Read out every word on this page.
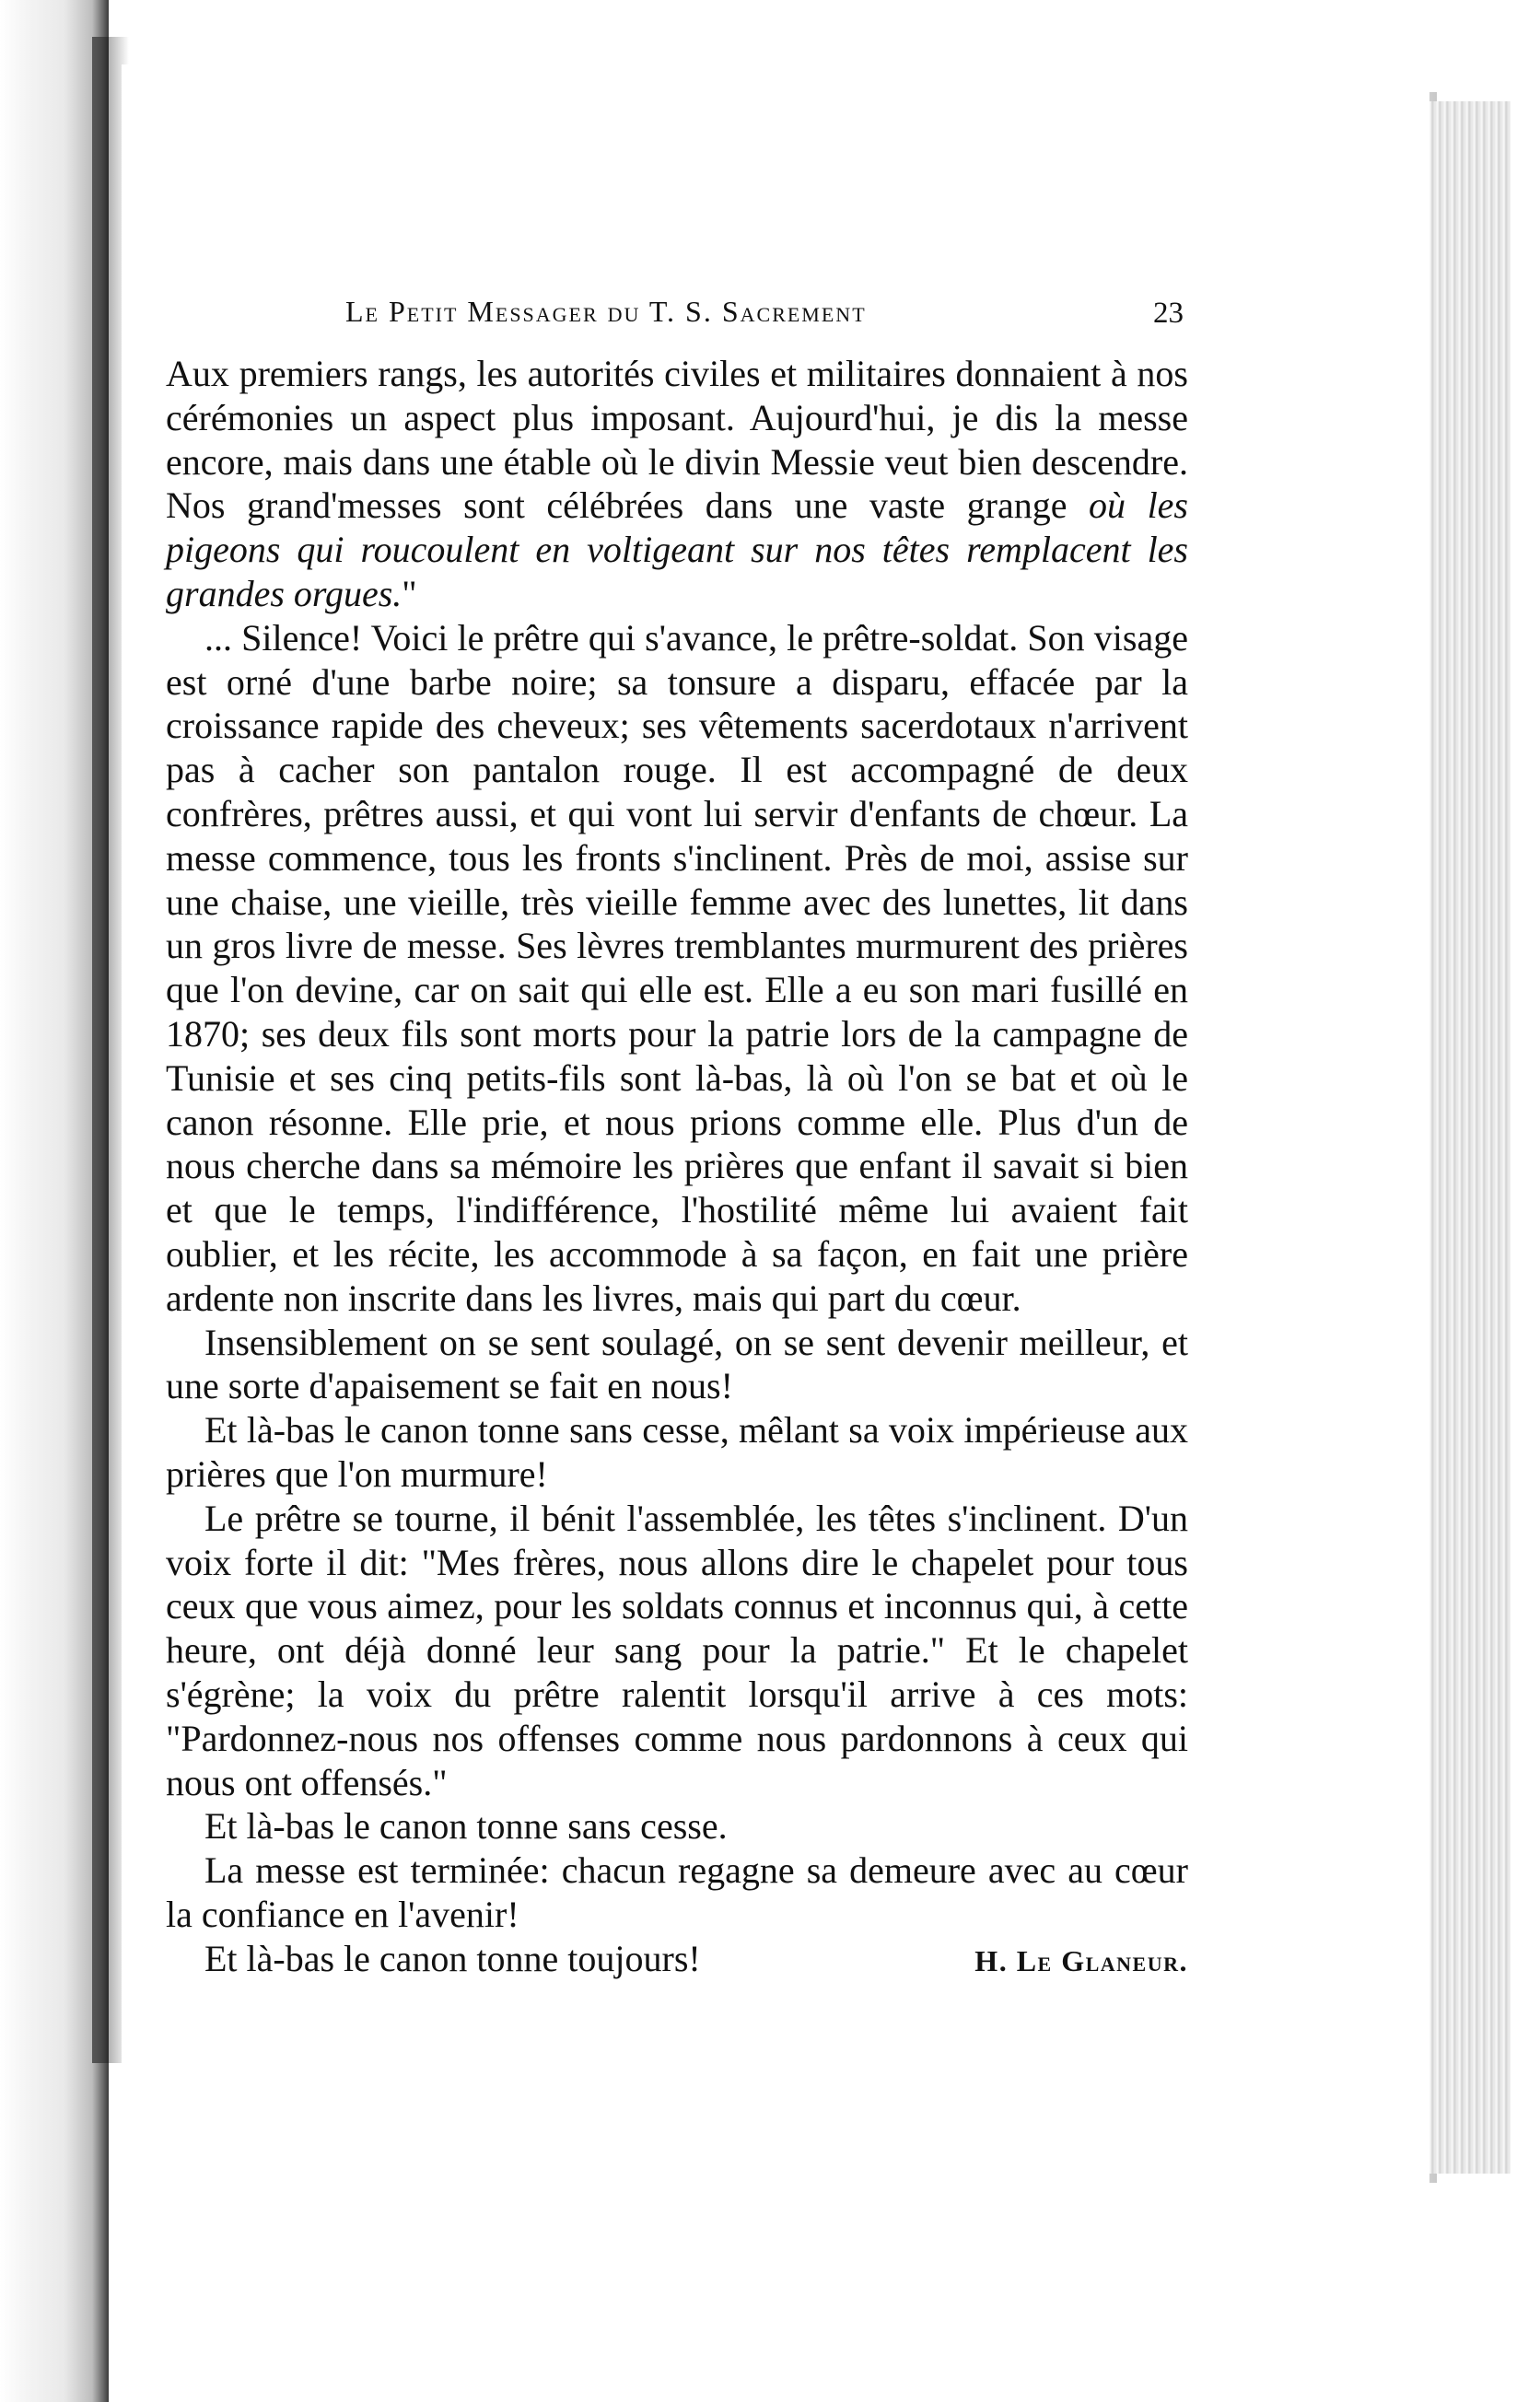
Le Petit Messager du T. S. Sacrement	23

Aux premiers rangs, les autorités civiles et militaires donnaient à nos cérémonies un aspect plus imposant. Aujourd'hui, je dis la messe encore, mais dans une étable où le divin Messie veut bien descendre. Nos grand'messes sont célébrées dans une vaste grange où les pigeons qui roucoulent en voltigeant sur nos têtes remplacent les grandes orgues."

... Silence! Voici le prêtre qui s'avance, le prêtre-soldat. Son visage est orné d'une barbe noire; sa tonsure a disparu, effacée par la croissance rapide des cheveux; ses vêtements sacerdotaux n'arrivent pas à cacher son pantalon rouge. Il est accompagné de deux confrères, prêtres aussi, et qui vont lui servir d'enfants de chœur. La messe commence, tous les fronts s'inclinent. Près de moi, assise sur une chaise, une vieille, très vieille femme avec des lunettes, lit dans un gros livre de messe. Ses lèvres tremblantes murmurent des prières que l'on devine, car on sait qui elle est. Elle a eu son mari fusillé en 1870; ses deux fils sont morts pour la patrie lors de la campagne de Tunisie et ses cinq petits-fils sont là-bas, là où l'on se bat et où le canon résonne. Elle prie, et nous prions comme elle. Plus d'un de nous cherche dans sa mémoire les prières que enfant il savait si bien et que le temps, l'indifférence, l'hostilité même lui avaient fait oublier, et les récite, les accommode à sa façon, en fait une prière ardente non inscrite dans les livres, mais qui part du cœur.

Insensiblement on se sent soulagé, on se sent devenir meilleur, et une sorte d'apaisement se fait en nous!

Et là-bas le canon tonne sans cesse, mêlant sa voix impérieuse aux prières que l'on murmure!

Le prêtre se tourne, il bénit l'assemblée, les têtes s'inclinent. D'un voix forte il dit: "Mes frères, nous allons dire le chapelet pour tous ceux que vous aimez, pour les soldats connus et inconnus qui, à cette heure, ont déjà donné leur sang pour la patrie." Et le chapelet s'égrène; la voix du prêtre ralentit lorsqu'il arrive à ces mots: "Pardonnez-nous nos offenses comme nous pardonnons à ceux qui nous ont offensés."

Et là-bas le canon tonne sans cesse.

La messe est terminée: chacun regagne sa demeure avec au cœur la confiance en l'avenir!

Et là-bas le canon tonne toujours!	H. Le Glaneur.
